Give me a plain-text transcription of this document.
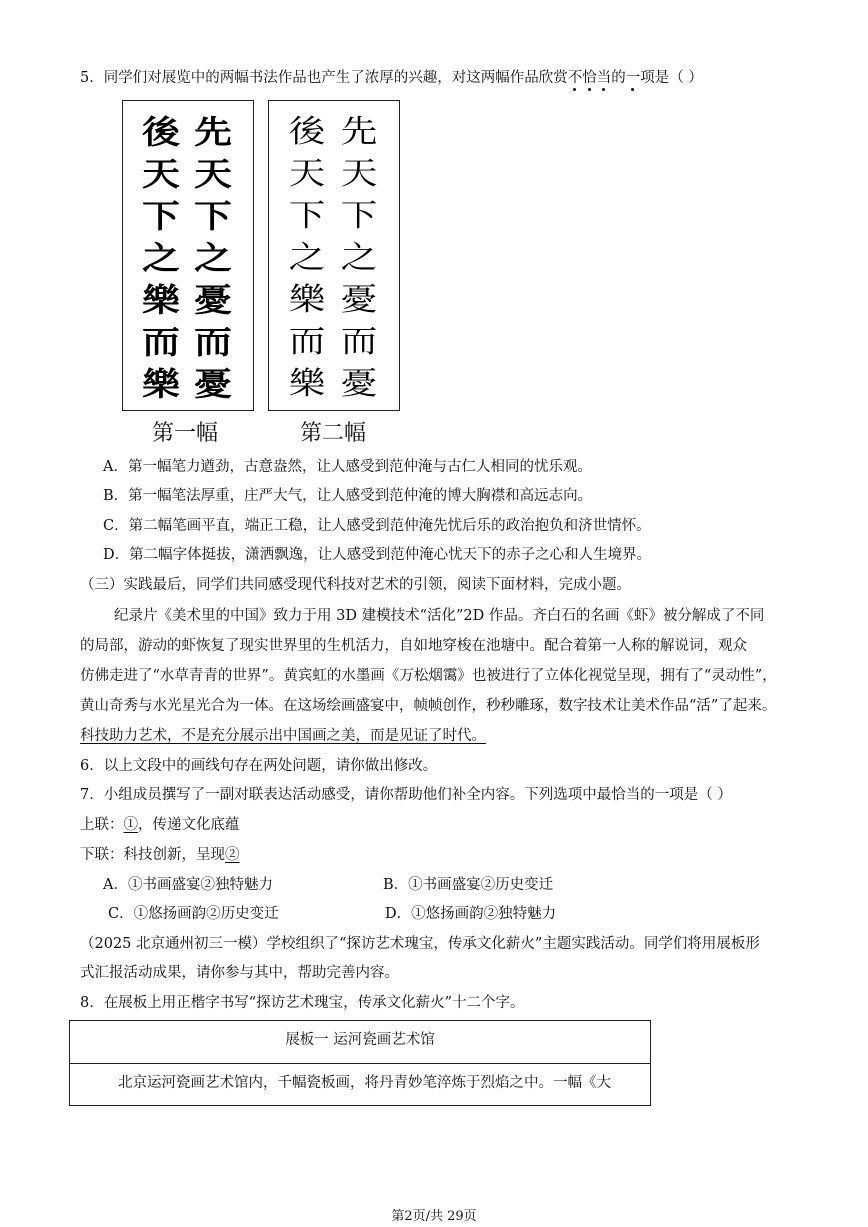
5．同学们对展览中的两幅书法作品也产生了浓厚的兴趣，对这两幅作品欣赏不恰当的一项是（ ）
先
天
下
之
憂
而
憂
後
天
下
之
樂
而
樂
第一幅
先
天
下
之
憂
而
憂
後
天
下
之
樂
而
樂
第二幅
A．第一幅笔力遒劲，古意盎然，让人感受到范仲淹与古仁人相同的忧乐观。
B．第一幅笔法厚重，庄严大气，让人感受到范仲淹的博大胸襟和高远志向。
C．第二幅笔画平直，端正工稳，让人感受到范仲淹先忧后乐的政治抱负和济世情怀。
D．第二幅字体挺拔，潇洒飘逸，让人感受到范仲淹心忧天下的赤子之心和人生境界。
（三）实践最后，同学们共同感受现代科技对艺术的引领，阅读下面材料，完成小题。
纪录片《美术里的中国》致力于用 3D 建模技术“活化”2D 作品。齐白石的名画《虾》被分解成了不同
的局部，游动的虾恢复了现实世界里的生机活力，自如地穿梭在池塘中。配合着第一人称的解说词，观众
仿佛走进了“水草青青的世界”。黄宾虹的水墨画《万松烟霭》也被进行了立体化视觉呈现，拥有了“灵动性”，
黄山奇秀与水光星光合为一体。在这场绘画盛宴中，帧帧创作，秒秒雕琢，数字技术让美术作品“活”了起来。
科技助力艺术，不是充分展示出中国画之美，而是见证了时代。
6．以上文段中的画线句存在两处问题，请你做出修改。
7．小组成员撰写了一副对联表达活动感受，请你帮助他们补全内容。下列选项中最恰当的一项是（ ）
上联：①，传递文化底蕴
下联：科技创新，呈现②
A．①书画盛宴②独特魅力	B．①书画盛宴②历史变迁
C．①悠扬画韵②历史变迁	D．①悠扬画韵②独特魅力
（2025 北京通州初三一模）学校组织了“探访艺术瑰宝，传承文化薪火”主题实践活动。同学们将用展板形
式汇报活动成果，请你参与其中，帮助完善内容。
8．在展板上用正楷字书写“探访艺术瑰宝，传承文化薪火”十二个字。
展板一 运河瓷画艺术馆
北京运河瓷画艺术馆内，千幅瓷板画，将丹青妙笔淬炼于烈焰之中。一幅《大
第2页/共 29页
